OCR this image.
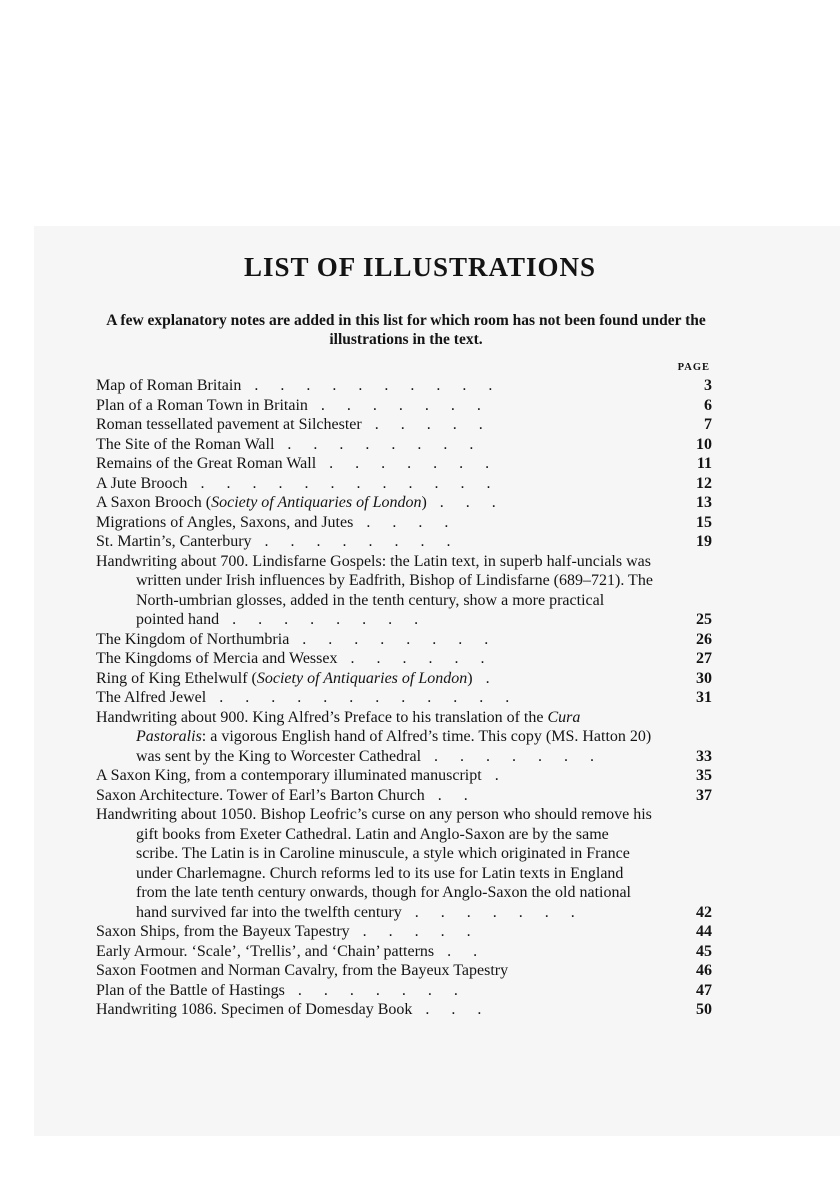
LIST OF ILLUSTRATIONS
A few explanatory notes are added in this list for which room has not been found under the illustrations in the text.
PAGE
Map of Roman Britain . . . . . . . . . .	3
Plan of a Roman Town in Britain . . . . . . .	6
Roman tessellated pavement at Silchester . . . . .	7
The Site of the Roman Wall . . . . . . . .	10
Remains of the Great Roman Wall . . . . . . .	11
A Jute Brooch . . . . . . . . . . . .	12
A Saxon Brooch (Society of Antiquaries of London) . . .	13
Migrations of Angles, Saxons, and Jutes . . . .	15
St. Martin’s, Canterbury . . . . . . . .	19
Handwriting about 700. Lindisfarne Gospels: the Latin text, in superb half-uncials was written under Irish influences by Eadfrith, Bishop of Lindisfarne (689–721). The North-umbrian glosses, added in the tenth century, show a more practical pointed hand . . . . . . . .	25
The Kingdom of Northumbria . . . . . . . .	26
The Kingdoms of Mercia and Wessex . . . . . .	27
Ring of King Ethelwulf (Society of Antiquaries of London) .	30
The Alfred Jewel . . . . . . . . . . . .	31
Handwriting about 900. King Alfred’s Preface to his translation of the Cura Pastoralis: a vigorous English hand of Alfred’s time. This copy (MS. Hatton 20) was sent by the King to Worcester Cathedral . . . . . . .	33
A Saxon King, from a contemporary illuminated manuscript .	35
Saxon Architecture. Tower of Earl’s Barton Church . .	37
Handwriting about 1050. Bishop Leofric’s curse on any person who should remove his gift books from Exeter Cathedral. Latin and Anglo-Saxon are by the same scribe. The Latin is in Caroline minuscule, a style which originated in France under Charlemagne. Church reforms led to its use for Latin texts in England from the late tenth century onwards, though for Anglo-Saxon the old national hand survived far into the twelfth century . . . . . . .	42
Saxon Ships, from the Bayeux Tapestry . . . . .	44
Early Armour. ‘Scale’, ‘Trellis’, and ‘Chain’ patterns . .	45
Saxon Footmen and Norman Cavalry, from the Bayeux Tapestry	46
Plan of the Battle of Hastings . . . . . . .	47
Handwriting 1086. Specimen of Domesday Book . . .	50
